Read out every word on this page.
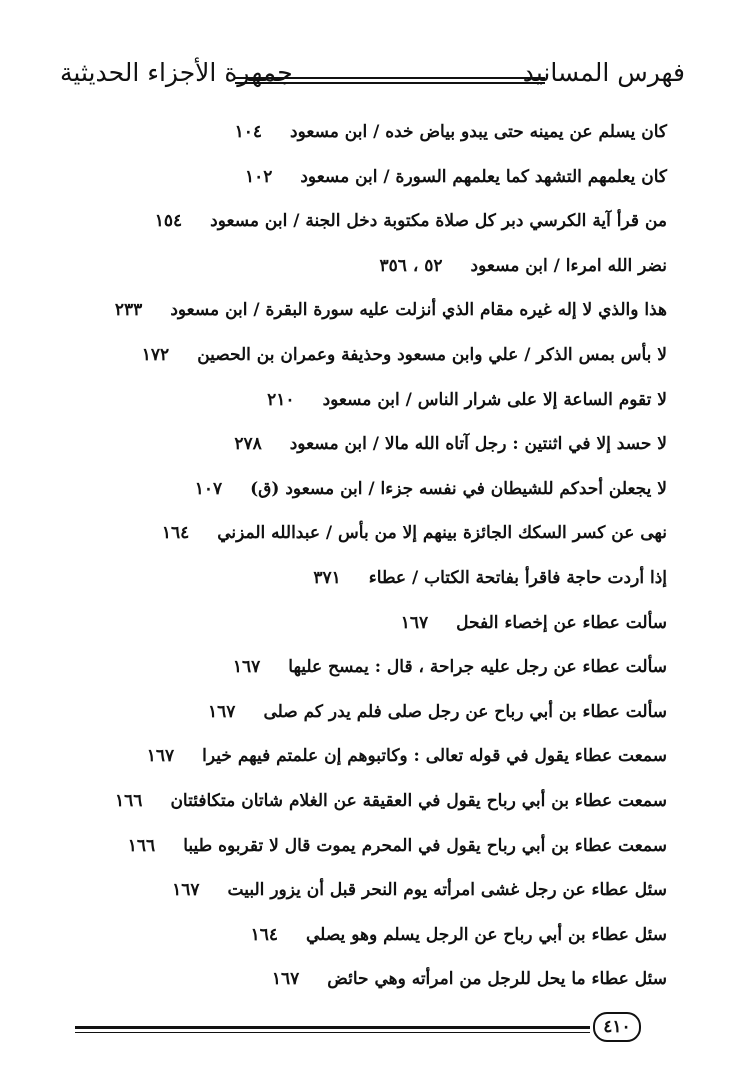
فهرس المسانيد
جمهرة الأجزاء الحديثية
كان يسلم عن يمينه حتى يبدو بياض خده / ابن مسعود١٠٤
كان يعلمهم التشهد كما يعلمهم السورة / ابن مسعود١٠٢
من قرأ آية الكرسي دبر كل صلاة مكتوبة دخل الجنة / ابن مسعود١٥٤
نضر الله امرءا / ابن مسعود٥٢ ، ٣٥٦
هذا والذي لا إله غيره مقام الذي أنزلت عليه سورة البقرة / ابن مسعود٢٣٣
لا بأس بمس الذكر / علي وابن مسعود وحذيفة وعمران بن الحصين١٧٢
لا تقوم الساعة إلا على شرار الناس / ابن مسعود٢١٠
لا حسد إلا في اثنتين : رجل آتاه الله مالا / ابن مسعود٢٧٨
لا يجعلن أحدكم للشيطان في نفسه جزءا / ابن مسعود (ق)١٠٧
نهى عن كسر السكك الجائزة بينهم إلا من بأس / عبدالله المزني١٦٤
إذا أردت حاجة فاقرأ بفاتحة الكتاب / عطاء٣٧١
سألت عطاء عن إخصاء الفحل١٦٧
سألت عطاء عن رجل عليه جراحة ، قال : يمسح عليها١٦٧
سألت عطاء بن أبي رباح عن رجل صلى فلم يدر كم صلى١٦٧
سمعت عطاء يقول في قوله تعالى : وكاتبوهم إن علمتم فيهم خيرا١٦٧
سمعت عطاء بن أبي رباح يقول في العقيقة عن الغلام شاتان متكافئتان١٦٦
سمعت عطاء بن أبي رباح يقول في المحرم يموت قال لا تقربوه طيبا١٦٦
سئل عطاء عن رجل غشى امرأته يوم النحر قبل أن يزور البيت١٦٧
سئل عطاء بن أبي رباح عن الرجل يسلم وهو يصلي١٦٤
سئل عطاء ما يحل للرجل من امرأته وهي حائض١٦٧
٤١٠
